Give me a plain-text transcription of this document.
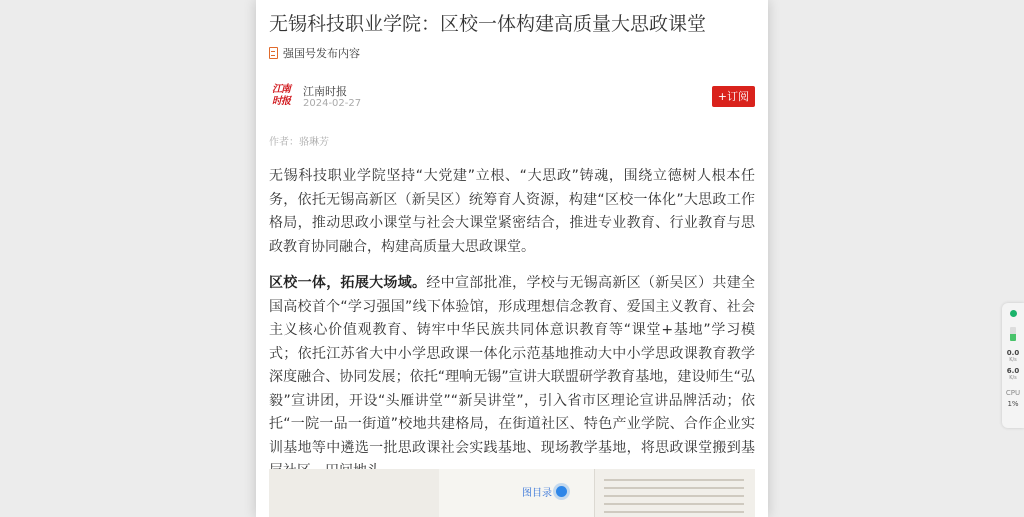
无锡科技职业学院：区校一体构建高质量大思政课堂
强国号发布内容
江南
时报
江南时报
2024-02-27
+订阅
作者：骆琳芳

无锡科技职业学院坚持“大党建”立根、“大思政”铸魂，围绕立德树人根本任务，依托无锡高新区（新吴区）统筹育人资源，构建“区校一体化”大思政工作格局，推动思政小课堂与社会大课堂紧密结合，推进专业教育、行业教育与思政教育协同融合，构建高质量大思政课堂。

区校一体，拓展大场域。经中宣部批准，学校与无锡高新区（新吴区）共建全国高校首个“学习强国”线下体验馆，形成理想信念教育、爱国主义教育、社会主义核心价值观教育、铸牢中华民族共同体意识教育等“课堂+基地”学习模式；依托江苏省大中小学思政课一体化示范基地推动大中小学思政课教育教学深度融合、协同发展；依托“理响无锡”宣讲大联盟研学教育基地，建设师生“弘毅”宣讲团，开设“头雁讲堂”“新吴讲堂”，引入省市区理论宣讲品牌活动；依托“一院一品一街道”校地共建格局，在街道社区、特色产业学院、合作企业实训基地等中遴选一批思政课社会实践基地、现场教学基地，将思政课堂搬到基

图目录
0.0
K/s
6.0
K/s
CPU
1%
